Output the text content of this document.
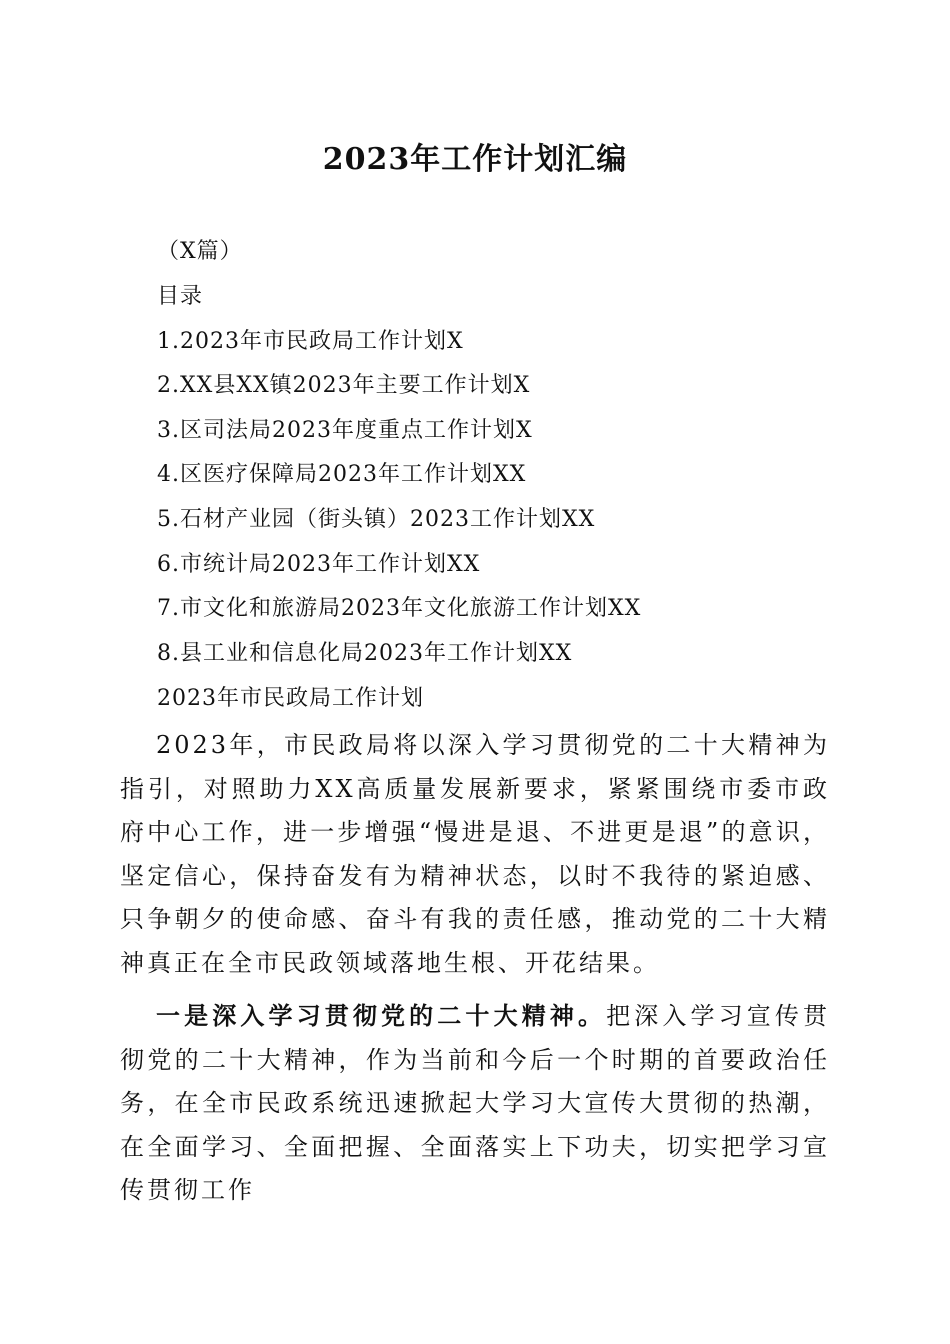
2023年工作计划汇编
（X篇）
目录
1.2023年市民政局工作计划X
2.XX县XX镇2023年主要工作计划X
3.区司法局2023年度重点工作计划X
4.区医疗保障局2023年工作计划XX
5.石材产业园（街头镇）2023工作计划XX
6.市统计局2023年工作计划XX
7.市文化和旅游局2023年文化旅游工作计划XX
8.县工业和信息化局2023年工作计划XX
2023年市民政局工作计划

2023年，市民政局将以深入学习贯彻党的二十大精神为指引，对照助力XX高质量发展新要求，紧紧围绕市委市政府中心工作，进一步增强“慢进是退、不进更是退”的意识，坚定信心，保持奋发有为精神状态，以时不我待的紧迫感、只争朝夕的使命感、奋斗有我的责任感，推动党的二十大精神真正在全市民政领域落地生根、开花结果。

一是深入学习贯彻党的二十大精神。把深入学习宣传贯彻党的二十大精神，作为当前和今后一个时期的首要政治任务，在全市民政系统迅速掀起大学习大宣传大贯彻的热潮，在全面学习、全面把握、全面落实上下功夫，切实把学习宣传贯彻工作
